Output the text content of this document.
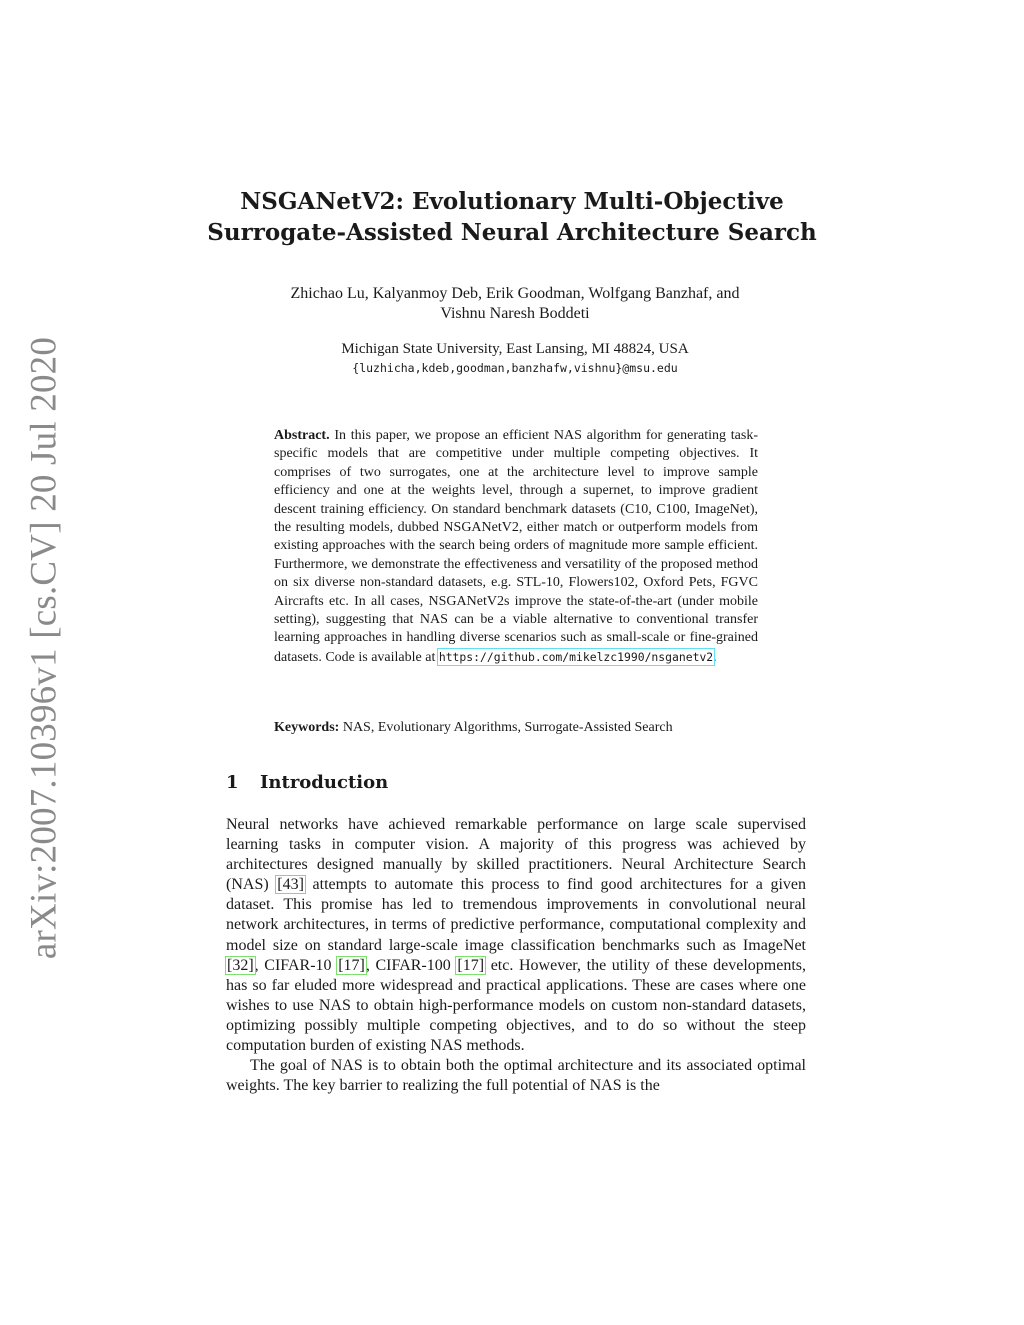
arXiv:2007.10396v1 [cs.CV] 20 Jul 2020
NSGANetV2: Evolutionary Multi-Objective
Surrogate-Assisted Neural Architecture Search
Zhichao Lu, Kalyanmoy Deb, Erik Goodman, Wolfgang Banzhaf, and
Vishnu Naresh Boddeti
Michigan State University, East Lansing, MI 48824, USA
{luzhicha,kdeb,goodman,banzhafw,vishnu}@msu.edu
Abstract. In this paper, we propose an efficient NAS algorithm for generating task-specific models that are competitive under multiple competing objectives. It comprises of two surrogates, one at the architecture level to improve sample efficiency and one at the weights level, through a supernet, to improve gradient descent training efficiency. On standard benchmark datasets (C10, C100, ImageNet), the resulting models, dubbed NSGANetV2, either match or outperform models from existing approaches with the search being orders of magnitude more sample efficient. Furthermore, we demonstrate the effectiveness and versatility of the proposed method on six diverse non-standard datasets, e.g. STL-10, Flowers102, Oxford Pets, FGVC Aircrafts etc. In all cases, NSGANetV2s improve the state-of-the-art (under mobile setting), suggesting that NAS can be a viable alternative to conventional transfer learning approaches in handling diverse scenarios such as small-scale or fine-grained datasets. Code is available at https://github.com/mikelzc1990/nsganetv2.
Keywords: NAS, Evolutionary Algorithms, Surrogate-Assisted Search
1 Introduction

Neural networks have achieved remarkable performance on large scale supervised learning tasks in computer vision. A majority of this progress was achieved by architectures designed manually by skilled practitioners. Neural Architecture Search (NAS) [43] attempts to automate this process to find good architectures for a given dataset. This promise has led to tremendous improvements in convolutional neural network architectures, in terms of predictive performance, computational complexity and model size on standard large-scale image classification benchmarks such as ImageNet [32], CIFAR-10 [17], CIFAR-100 [17] etc. However, the utility of these developments, has so far eluded more widespread and practical applications. These are cases where one wishes to use NAS to obtain high-performance models on custom non-standard datasets, optimizing possibly multiple competing objectives, and to do so without the steep computation burden of existing NAS methods.

The goal of NAS is to obtain both the optimal architecture and its associated optimal weights. The key barrier to realizing the full potential of NAS is the
